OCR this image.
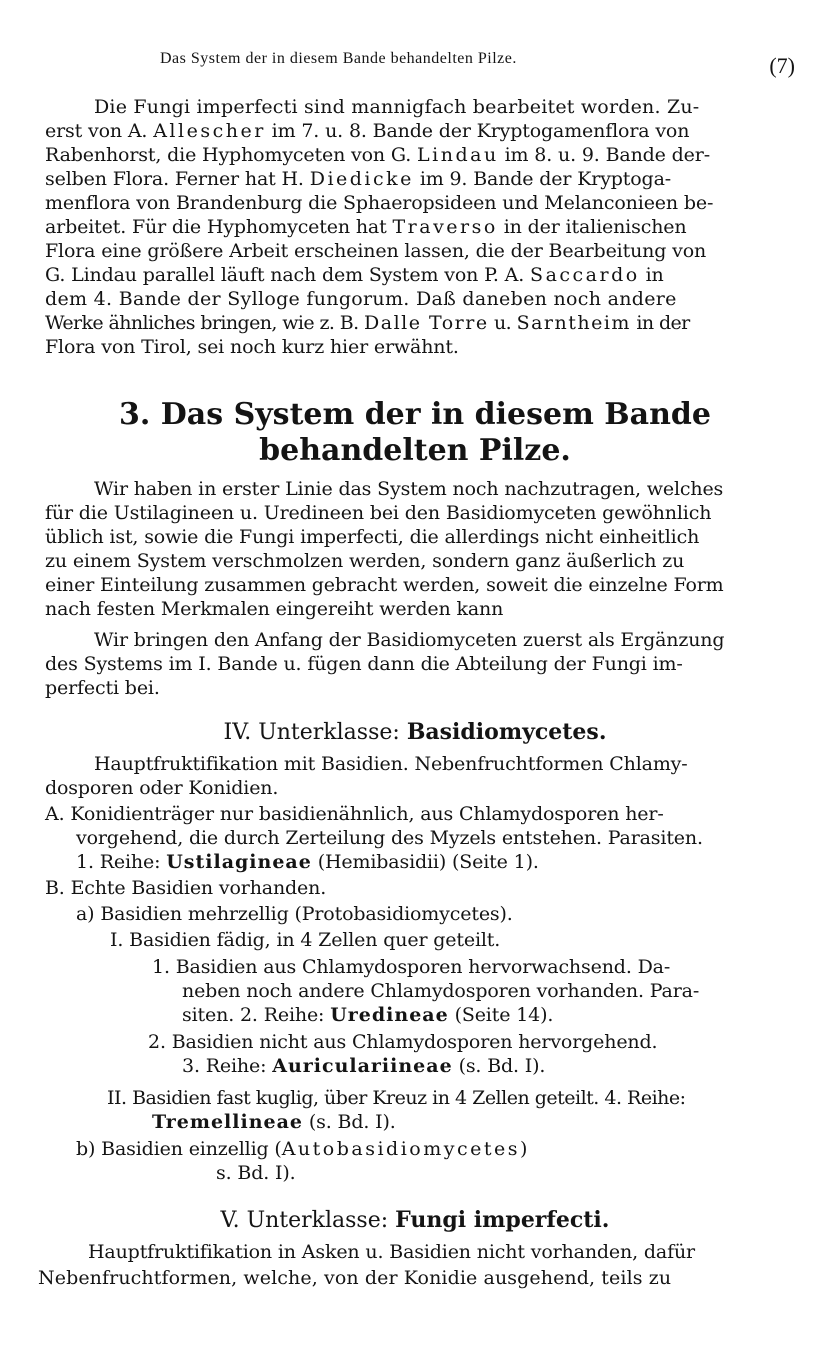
Das System der in diesem Bande behandelten Pilze.	(7)
Die Fungi imperfecti sind mannigfach bearbeitet worden. Zu-
erst von A. Allescher im 7. u. 8. Bande der Kryptogamenflora von
Rabenhorst, die Hyphomyceten von G. Lindau im 8. u. 9. Bande der-
selben Flora. Ferner hat H. Diedicke im 9. Bande der Kryptoga-
menflora von Brandenburg die Sphaeropsideen und Melanconieen be-
arbeitet. Für die Hyphomyceten hat Traverso in der italienischen
Flora eine größere Arbeit erscheinen lassen, die der Bearbeitung von
G. Lindau parallel läuft nach dem System von P. A. Saccardo in
dem 4. Bande der Sylloge fungorum. Daß daneben noch andere
Werke ähnliches bringen, wie z. B. Dalle Torre u. Sarntheim in der
Flora von Tirol, sei noch kurz hier erwähnt.
3. Das System der in diesem Bande
behandelten Pilze.
Wir haben in erster Linie das System noch nachzutragen, welches
für die Ustilagineen u. Uredineen bei den Basidiomyceten gewöhnlich
üblich ist, sowie die Fungi imperfecti, die allerdings nicht einheitlich
zu einem System verschmolzen werden, sondern ganz äußerlich zu
einer Einteilung zusammen gebracht werden, soweit die einzelne Form
nach festen Merkmalen eingereiht werden kann
Wir bringen den Anfang der Basidiomyceten zuerst als Ergänzung
des Systems im I. Bande u. fügen dann die Abteilung der Fungi im-
perfecti bei.
IV. Unterklasse: Basidiomycetes.
Hauptfruktifikation mit Basidien. Nebenfruchtformen Chlamy-
dosporen oder Konidien.
A. Konidienträger nur basidienähnlich, aus Chlamydosporen her-
vorgehend, die durch Zerteilung des Myzels entstehen. Parasiten.
1. Reihe: Ustilagineae (Hemibasidii) (Seite 1).
B. Echte Basidien vorhanden.
a) Basidien mehrzellig (Protobasidiomycetes).
I. Basidien fädig, in 4 Zellen quer geteilt.
1. Basidien aus Chlamydosporen hervorwachsend. Da-
neben noch andere Chlamydosporen vorhanden. Para-
siten. 2. Reihe: Uredineae (Seite 14).
2. Basidien nicht aus Chlamydosporen hervorgehend.
3. Reihe: Auriculariineae (s. Bd. I).
II. Basidien fast kuglig, über Kreuz in 4 Zellen geteilt. 4. Reihe:
Tremellineae (s. Bd. I).
b) Basidien einzellig (Autobasidiomycetes)
s. Bd. I).
V. Unterklasse: Fungi imperfecti.
Hauptfruktifikation in Asken u. Basidien nicht vorhanden, dafür
Nebenfruchtformen, welche, von der Konidie ausgehend, teils zu
